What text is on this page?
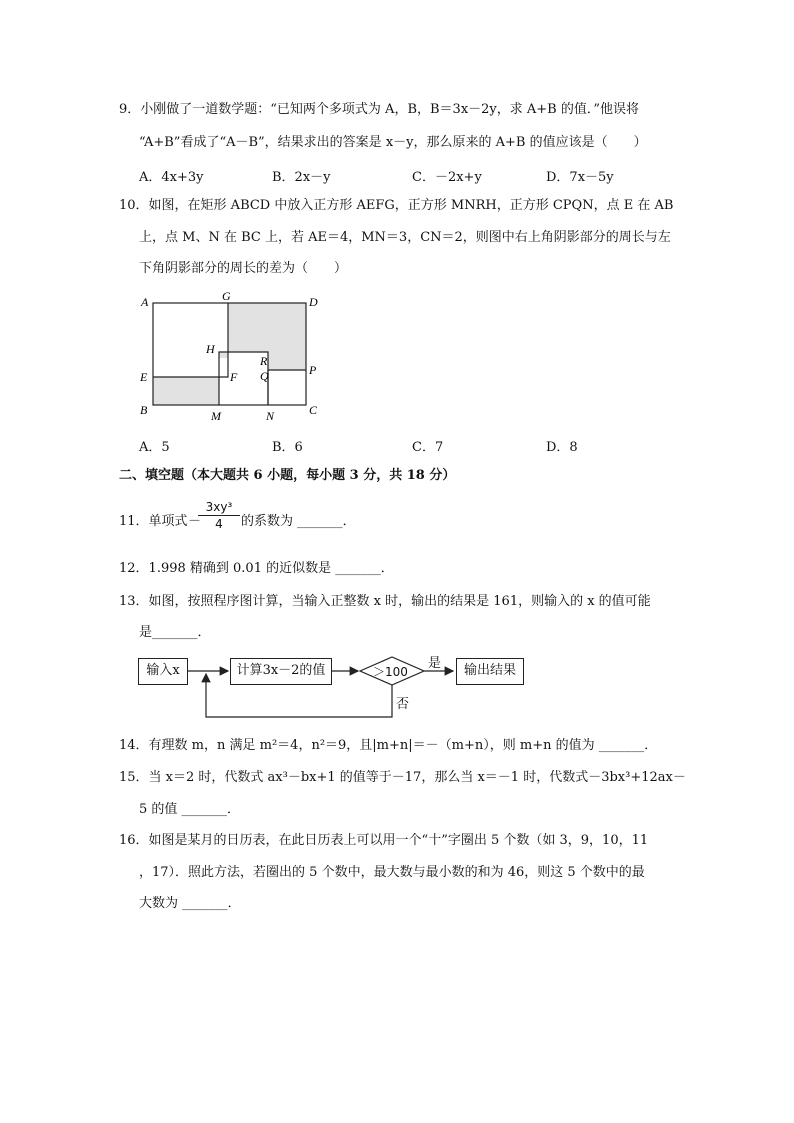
9．小刚做了一道数学题：“已知两个多项式为 A，B，B＝3x－2y，求 A+B 的值．”他误将
“A+B”看成了“A－B”，结果求出的答案是 x－y，那么原来的 A+B 的值应该是（　　）
A．4x+3y	B．2x－y	C．－2x+y	D．7x－5y
10．如图，在矩形 ABCD 中放入正方形 AEFG，正方形 MNRH，正方形 CPQN，点 E 在 AB
上，点 M、N 在 BC 上，若 AE＝4，MN＝3，CN＝2，则图中右上角阴影部分的周长与左
下角阴影部分的周长的差为（　　）
A	G	D
H
R
E	F Q	P
B	M	N	C
A．5	B．6	C．7	D．8
二、填空题（本大题共 6 小题，每小题 3 分，共 18 分）
11．单项式 －
$\frac{\text{3xy³}}{4}$ 的系数为 _______．
12．1.998 精确到 0.01 的近似数是 _______．
13．如图，按照程序图计算，当输入正整数 x 时，输出的结果是 161，则输入的 x 的值可能
是_______．
输入x	计算3x－2的值	＞100	输出结果
是
否
14．有理数 m，n 满足 m²＝4，n²＝9，且|m+n|＝－（m+n），则 m+n 的值为 _______．
15．当 x＝2 时，代数式 ax³－bx+1 的值等于－17，那么当 x＝－1 时，代数式－3bx³+12ax－
5 的值 _______．
16．如图是某月的日历表，在此日历表上可以用一个“十”字圈出 5 个数（如 3，9，10，11
，17）．照此方法，若圈出的 5 个数中，最大数与最小数的和为 46，则这 5 个数中的最
大数为 _______．
